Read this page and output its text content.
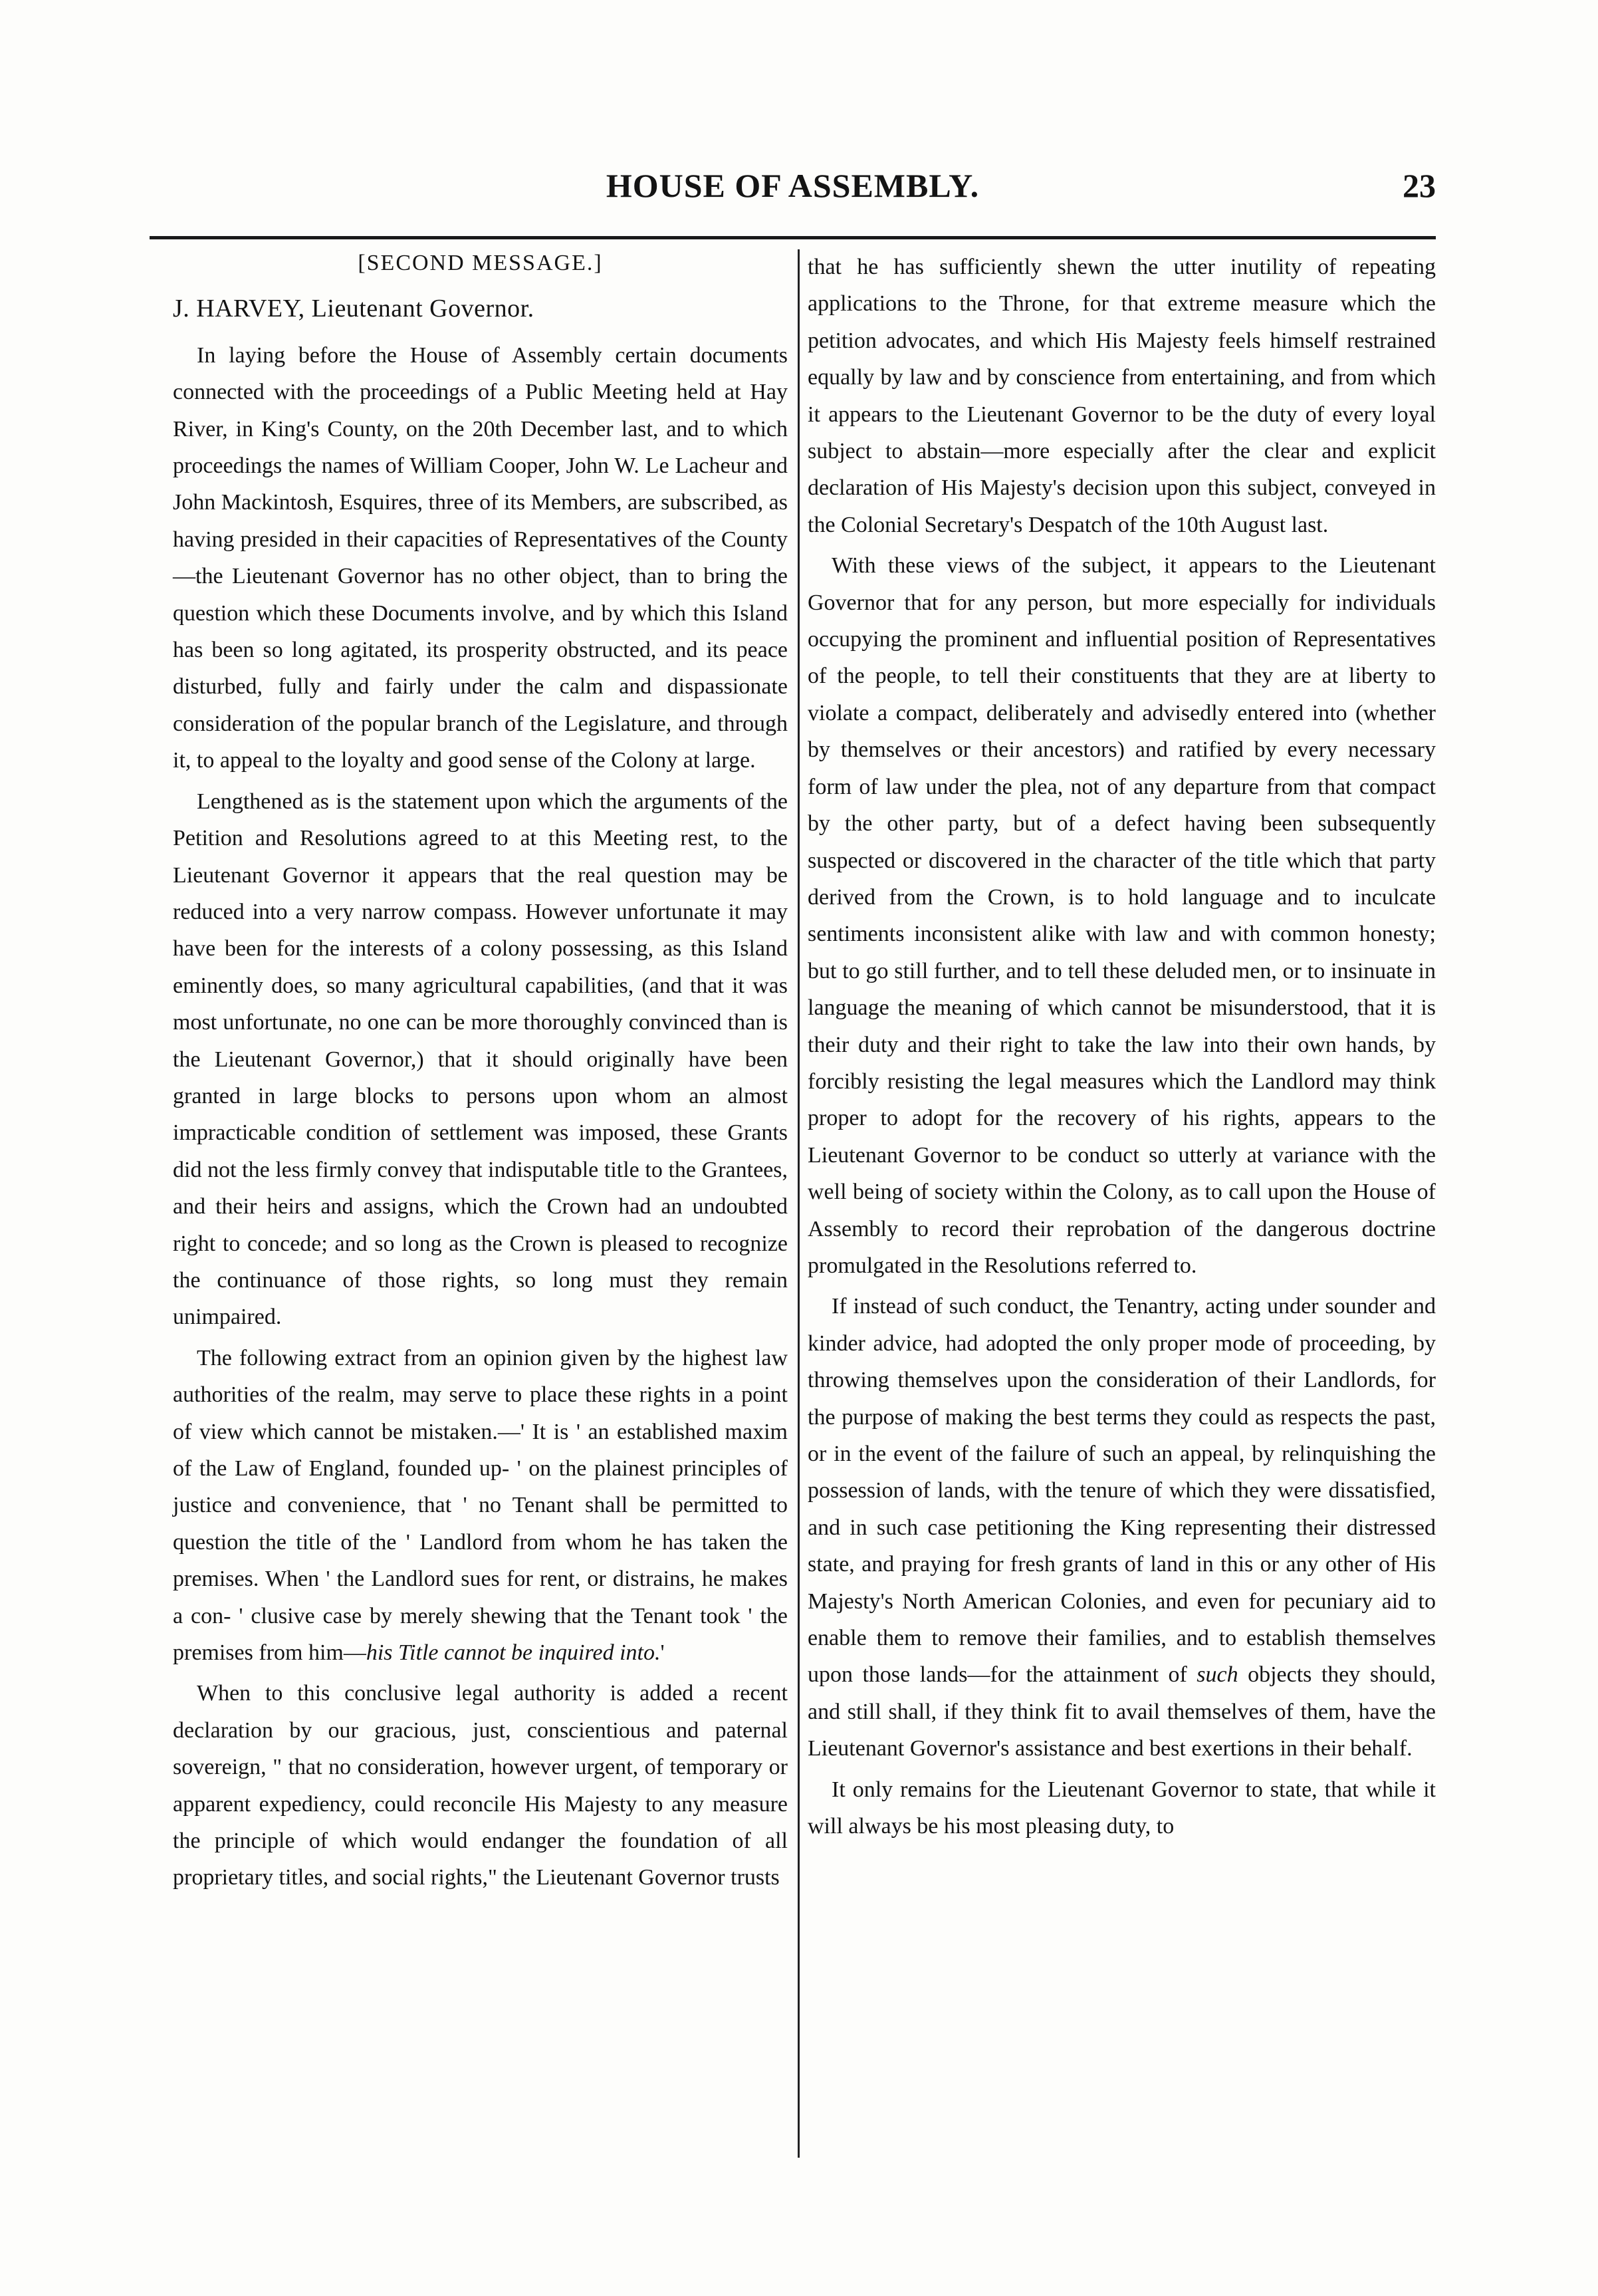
HOUSE OF ASSEMBLY.	23

[SECOND MESSAGE.]

J. HARVEY, Lieutenant Governor.

In laying before the House of Assembly certain documents connected with the proceedings of a Public Meeting held at Hay River, in King's County, on the 20th December last, and to which proceedings the names of William Cooper, John W. Le Lacheur and John Mackintosh, Esquires, three of its Members, are subscribed, as having presided in their capacities of Representatives of the County—the Lieutenant Governor has no other object, than to bring the question which these Documents involve, and by which this Island has been so long agitated, its prosperity obstructed, and its peace disturbed, fully and fairly under the calm and dispassionate consideration of the popular branch of the Legislature, and through it, to appeal to the loyalty and good sense of the Colony at large.

Lengthened as is the statement upon which the arguments of the Petition and Resolutions agreed to at this Meeting rest, to the Lieutenant Governor it appears that the real question may be reduced into a very narrow compass. However unfortunate it may have been for the interests of a colony possessing, as this Island eminently does, so many agricultural capabilities, (and that it was most unfortunate, no one can be more thoroughly convinced than is the Lieutenant Governor,) that it should originally have been granted in large blocks to persons upon whom an almost impracticable condition of settlement was imposed, these Grants did not the less firmly convey that indisputable title to the Grantees, and their heirs and assigns, which the Crown had an undoubted right to concede; and so long as the Crown is pleased to recognize the continuance of those rights, so long must they remain unimpaired.

The following extract from an opinion given by the highest law authorities of the realm, may serve to place these rights in a point of view which cannot be mistaken.—' It is ' an established maxim of the Law of England, founded up- ' on the plainest principles of justice and convenience, that ' no Tenant shall be permitted to question the title of the ' Landlord from whom he has taken the premises. When ' the Landlord sues for rent, or distrains, he makes a con- ' clusive case by merely shewing that the Tenant took ' the premises from him—his Title cannot be inquired into.'

When to this conclusive legal authority is added a recent declaration by our gracious, just, conscientious and paternal sovereign, " that no consideration, however urgent, of temporary or apparent expediency, could reconcile His Majesty to any measure the principle of which would endanger the foundation of all proprietary titles, and social rights," the Lieutenant Governor trusts

that he has sufficiently shewn the utter inutility of repeating applications to the Throne, for that extreme measure which the petition advocates, and which His Majesty feels himself restrained equally by law and by conscience from entertaining, and from which it appears to the Lieutenant Governor to be the duty of every loyal subject to abstain—more especially after the clear and explicit declaration of His Majesty's decision upon this subject, conveyed in the Colonial Secretary's Despatch of the 10th August last.

With these views of the subject, it appears to the Lieutenant Governor that for any person, but more especially for individuals occupying the prominent and influential position of Representatives of the people, to tell their constituents that they are at liberty to violate a compact, deliberately and advisedly entered into (whether by themselves or their ancestors) and ratified by every necessary form of law under the plea, not of any departure from that compact by the other party, but of a defect having been subsequently suspected or discovered in the character of the title which that party derived from the Crown, is to hold language and to inculcate sentiments inconsistent alike with law and with common honesty; but to go still further, and to tell these deluded men, or to insinuate in language the meaning of which cannot be misunderstood, that it is their duty and their right to take the law into their own hands, by forcibly resisting the legal measures which the Landlord may think proper to adopt for the recovery of his rights, appears to the Lieutenant Governor to be conduct so utterly at variance with the well being of society within the Colony, as to call upon the House of Assembly to record their reprobation of the dangerous doctrine promulgated in the Resolutions referred to.

If instead of such conduct, the Tenantry, acting under sounder and kinder advice, had adopted the only proper mode of proceeding, by throwing themselves upon the consideration of their Landlords, for the purpose of making the best terms they could as respects the past, or in the event of the failure of such an appeal, by relinquishing the possession of lands, with the tenure of which they were dissatisfied, and in such case petitioning the King representing their distressed state, and praying for fresh grants of land in this or any other of His Majesty's North American Colonies, and even for pecuniary aid to enable them to remove their families, and to establish themselves upon those lands—for the attainment of such objects they should, and still shall, if they think fit to avail themselves of them, have the Lieutenant Governor's assistance and best exertions in their behalf.

It only remains for the Lieutenant Governor to state, that while it will always be his most pleasing duty, to
